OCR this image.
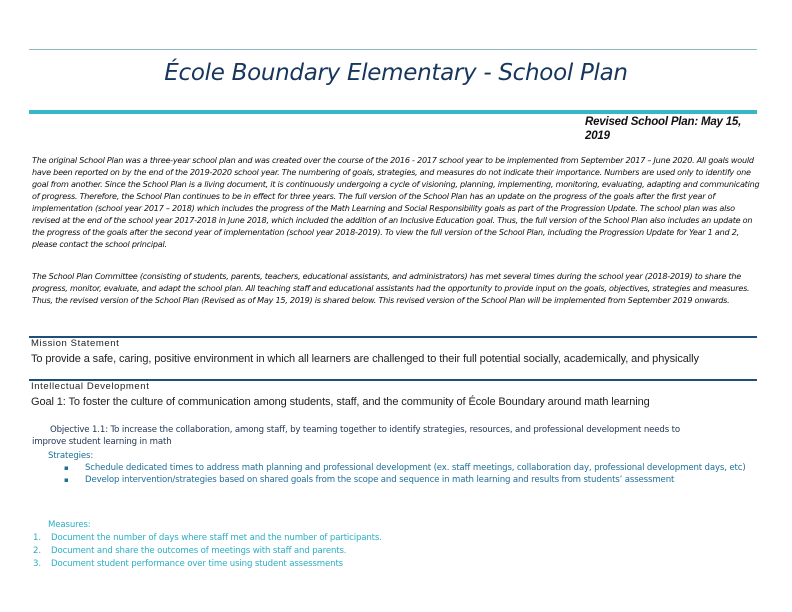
École Boundary Elementary - School Plan
Revised School Plan: May 15,
2019
The original School Plan was a three-year school plan and was created over the course of the 2016 - 2017 school year to be implemented from September 2017 – June 2020. All goals would have been reported on by the end of the 2019-2020 school year. The numbering of goals, strategies, and measures do not indicate their importance. Numbers are used only to identify one goal from another. Since the School Plan is a living document, it is continuously undergoing a cycle of visioning, planning, implementing, monitoring, evaluating, adapting and communicating of progress. Therefore, the School Plan continues to be in effect for three years. The full version of the School Plan has an update on the progress of the goals after the first year of implementation (school year 2017 – 2018) which includes the progress of the Math Learning and Social Responsibility goals as part of the Progression Update. The school plan was also revised at the end of the school year 2017-2018 in June 2018, which included the addition of an Inclusive Education goal. Thus, the full version of the School Plan also includes an update on the progress of the goals after the second year of implementation (school year 2018-2019). To view the full version of the School Plan, including the Progression Update for Year 1 and 2, please contact the school principal.
The School Plan Committee (consisting of students, parents, teachers, educational assistants, and administrators) has met several times during the school year (2018-2019) to share the progress, monitor, evaluate, and adapt the school plan. All teaching staff and educational assistants had the opportunity to provide input on the goals, objectives, strategies and measures. Thus, the revised version of the School Plan (Revised as of May 15, 2019) is shared below. This revised version of the School Plan will be implemented from September 2019 onwards.
Mission Statement
To provide a safe, caring, positive environment in which all learners are challenged to their full potential socially, academically, and physically
Intellectual Development
Goal 1: To foster the culture of communication among students, staff, and the community of École Boundary around math learning
Objective 1.1: To increase the collaboration, among staff, by teaming together to identify strategies, resources, and professional development needs to
improve student learning in math
Strategies:
▪ Schedule dedicated times to address math planning and professional development (ex. staff meetings, collaboration day, professional development days, etc)
▪ Develop intervention/strategies based on shared goals from the scope and sequence in math learning and results from students’ assessment
Measures:
1. Document the number of days where staff met and the number of participants.
2. Document and share the outcomes of meetings with staff and parents.
3. Document student performance over time using student assessments
